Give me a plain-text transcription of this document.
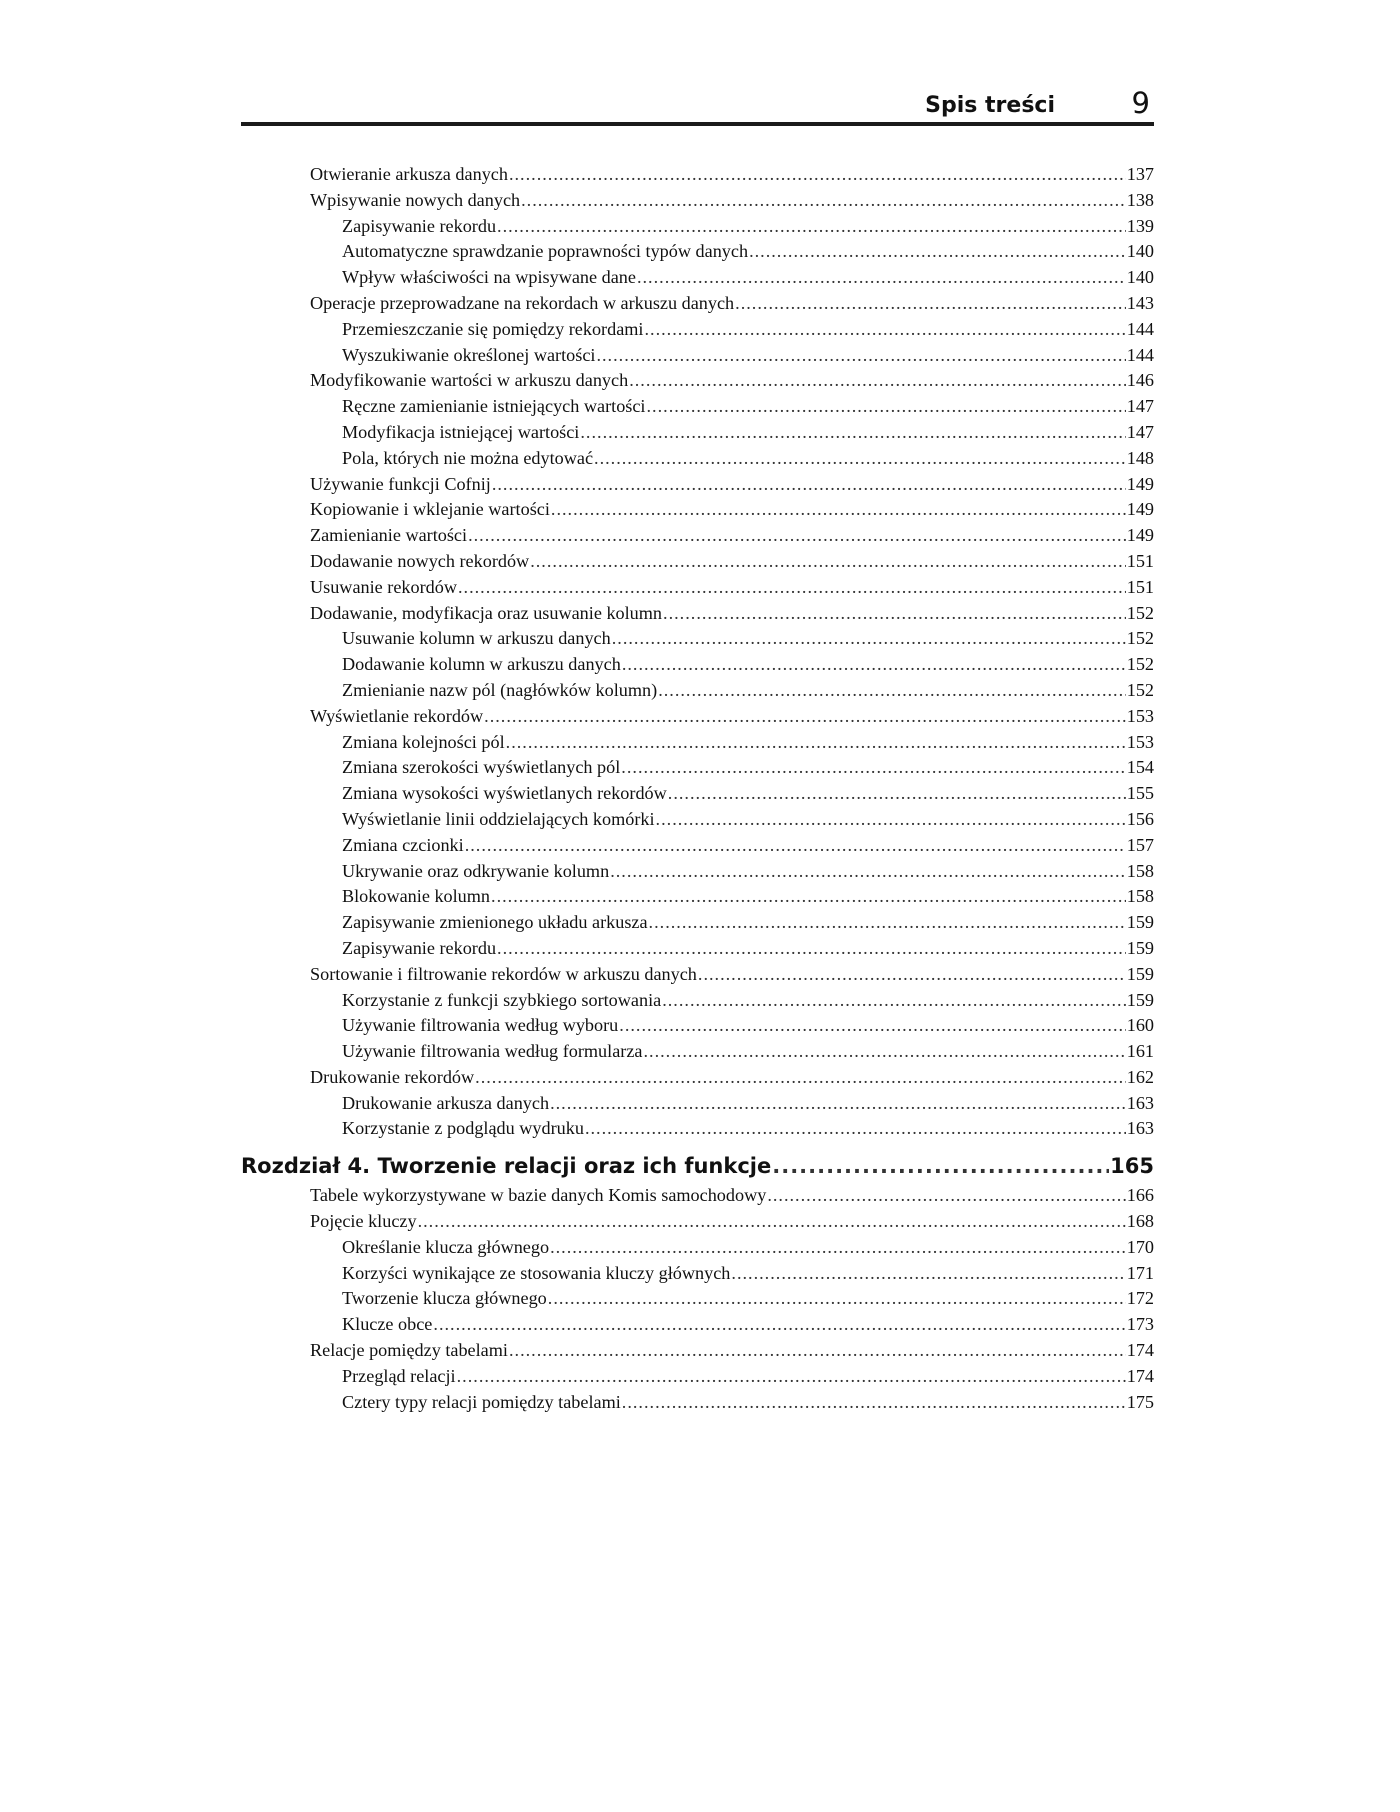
Spis treści	9
Otwieranie arkusza danych .....	137
Wpisywanie nowych danych .....	138
Zapisywanie rekordu .....	139
Automatyczne sprawdzanie poprawności typów danych .....	140
Wpływ właściwości na wpisywane dane .....	140
Operacje przeprowadzane na rekordach w arkuszu danych .....	143
Przemieszczanie się pomiędzy rekordami .....	144
Wyszukiwanie określonej wartości .....	144
Modyfikowanie wartości w arkuszu danych .....	146
Ręczne zamienianie istniejących wartości .....	147
Modyfikacja istniejącej wartości .....	147
Pola, których nie można edytować .....	148
Używanie funkcji Cofnij .....	149
Kopiowanie i wklejanie wartości .....	149
Zamienianie wartości .....	149
Dodawanie nowych rekordów .....	151
Usuwanie rekordów .....	151
Dodawanie, modyfikacja oraz usuwanie kolumn .....	152
Usuwanie kolumn w arkuszu danych .....	152
Dodawanie kolumn w arkuszu danych .....	152
Zmienianie nazw pól (nagłówków kolumn) .....	152
Wyświetlanie rekordów .....	153
Zmiana kolejności pól .....	153
Zmiana szerokości wyświetlanych pól .....	154
Zmiana wysokości wyświetlanych rekordów .....	155
Wyświetlanie linii oddzielających komórki .....	156
Zmiana czcionki .....	157
Ukrywanie oraz odkrywanie kolumn .....	158
Blokowanie kolumn .....	158
Zapisywanie zmienionego układu arkusza .....	159
Zapisywanie rekordu .....	159
Sortowanie i filtrowanie rekordów w arkuszu danych .....	159
Korzystanie z funkcji szybkiego sortowania .....	159
Używanie filtrowania według wyboru .....	160
Używanie filtrowania według formularza .....	161
Drukowanie rekordów .....	162
Drukowanie arkusza danych .....	163
Korzystanie z podglądu wydruku .....	163
Rozdział 4. Tworzenie relacji oraz ich funkcje .....	165
Tabele wykorzystywane w bazie danych Komis samochodowy .....	166
Pojęcie kluczy .....	168
Określanie klucza głównego .....	170
Korzyści wynikające ze stosowania kluczy głównych .....	171
Tworzenie klucza głównego .....	172
Klucze obce .....	173
Relacje pomiędzy tabelami .....	174
Przegląd relacji .....	174
Cztery typy relacji pomiędzy tabelami .....	175
